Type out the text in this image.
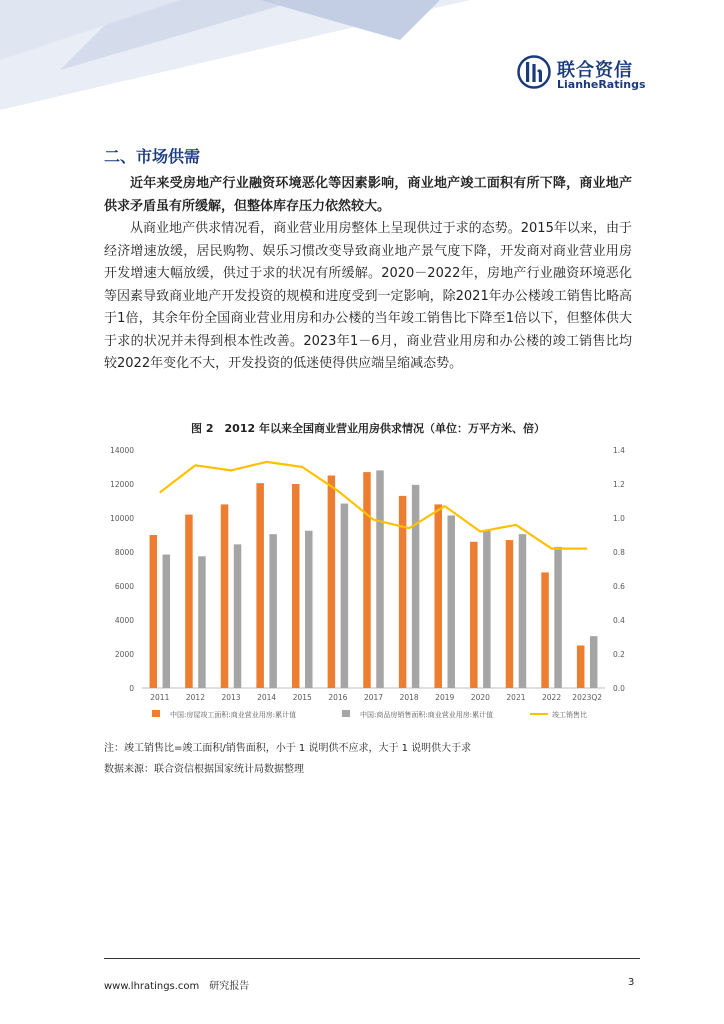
联合资信
LianheRatings
二、市场供需

近年来受房地产行业融资环境恶化等因素影响，商业地产竣工面积有所下降，商业地产供求矛盾虽有所缓解，但整体库存压力依然较大。

从商业地产供求情况看，商业营业用房整体上呈现供过于求的态势。2015年以来，由于经济增速放缓，居民购物、娱乐习惯改变导致商业地产景气度下降，开发商对商业营业用房开发增速大幅放缓，供过于求的状况有所缓解。2020－2022年，房地产行业融资环境恶化等因素导致商业地产开发投资的规模和进度受到一定影响，除2021年办公楼竣工销售比略高于1倍，其余年份全国商业营业用房和办公楼的当年竣工销售比下降至1倍以下，但整体供大于求的状况并未得到根本性改善。2023年1－6月，商业营业用房和办公楼的竣工销售比均较2022年变化不大，开发投资的低迷使得供应端呈缩减态势。

图 2　2012 年以来全国商业营业用房供求情况（单位：万平方米、倍）
0
2000
4000
6000
8000
10000
12000
14000
0.0
0.2
0.4
0.6
0.8
1.0
1.2
1.4
2011 2012 2013 2014 2015 2016 2017 2018 2019 2020 2021 2022 2023Q2
中国:房屋竣工面积:商业营业用房:累计值	中国:商品房销售面积:商业营业用房:累计值	竣工销售比
注：竣工销售比=竣工面积/销售面积，小于 1 说明供不应求，大于 1 说明供大于求
数据来源：联合资信根据国家统计局数据整理
www.lhratings.com　 研究报告	3
